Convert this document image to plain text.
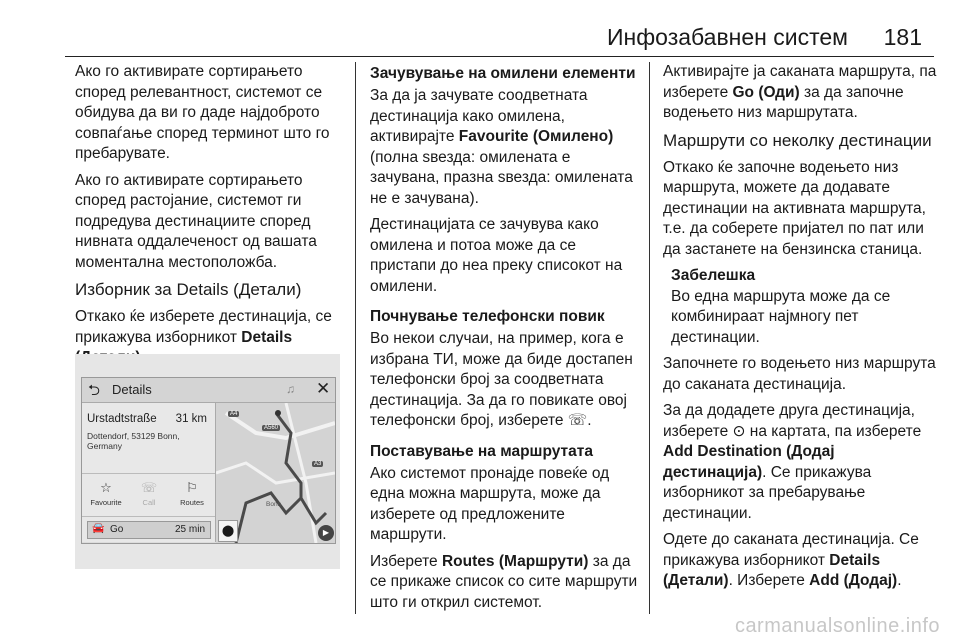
Инфозабавнен систем 181

Ако го активирате сортирањето според релевантност, системот се обидува да ви го даде најдоброто совпаѓање според терминот што го пребарувате.

Ако го активирате сортирањето според растојание, системот ги подредува дестинациите според нивната оддалеченост од вашата моментална местоположба.

Изборник за Details (Детали)

Откако ќе изберете дестинација, се прикажува изборникот Details

⮌ Details	♫ ✕
Urstadtstraße 31 km
Dottendorf, 53129 Bonn, Germany
☆
Favourite
☏
Call
⚐
Routes
🚘 Go	25 min
A4
A560
A3
Bonn
⬤	▶
Зачувување на омилени елементи

За да ја зачувате соодветната дестинација како омилена, активирајте Favourite (Омилено) (полна ѕвезда: омилената е зачувана, празна ѕвезда: омилената не е зачувана).

Дестинацијата се зачувува како омилена и потоа може да се пристапи до неа преку списокот на омилени.

Почнување телефонски повик

Во некои случаи, на пример, кога е избрана ТИ, може да биде достапен телефонски број за соодветната дестинација. За да го повикате овој телефонски број, изберете ☏.

Поставување на маршрутата

Ако системот пронајде повеќе од една можна маршрута, може да изберете од предложените маршрути.

Изберете Routes (Маршрути) за да се прикаже список со сите маршрути што ги открил системот.

Активирајте ја саканата маршрута, па изберете Go (Оди) за да започне водењето низ маршрутата.

Маршрути со неколку дестинации

Откако ќе започне водењето низ маршрута, можете да додавате дестинации на активната маршрута, т.е. да соберете пријател по пат или да застанете на бензинска станица.

Забелешка

Во една маршрута може да се комбинираат најмногу пет дестинации.

Започнете го водењето низ маршрута до саканата дестинација.

За да додадете друга дестинација, изберете ⊙ на картата, па изберете Add Destination (Додај дестинација). Се прикажува изборникот за пребарување дестинации.

Одете до саканата дестинација. Се прикажува изборникот Details (Детали). Изберете Add (Додај).

carmanualsonline.info
